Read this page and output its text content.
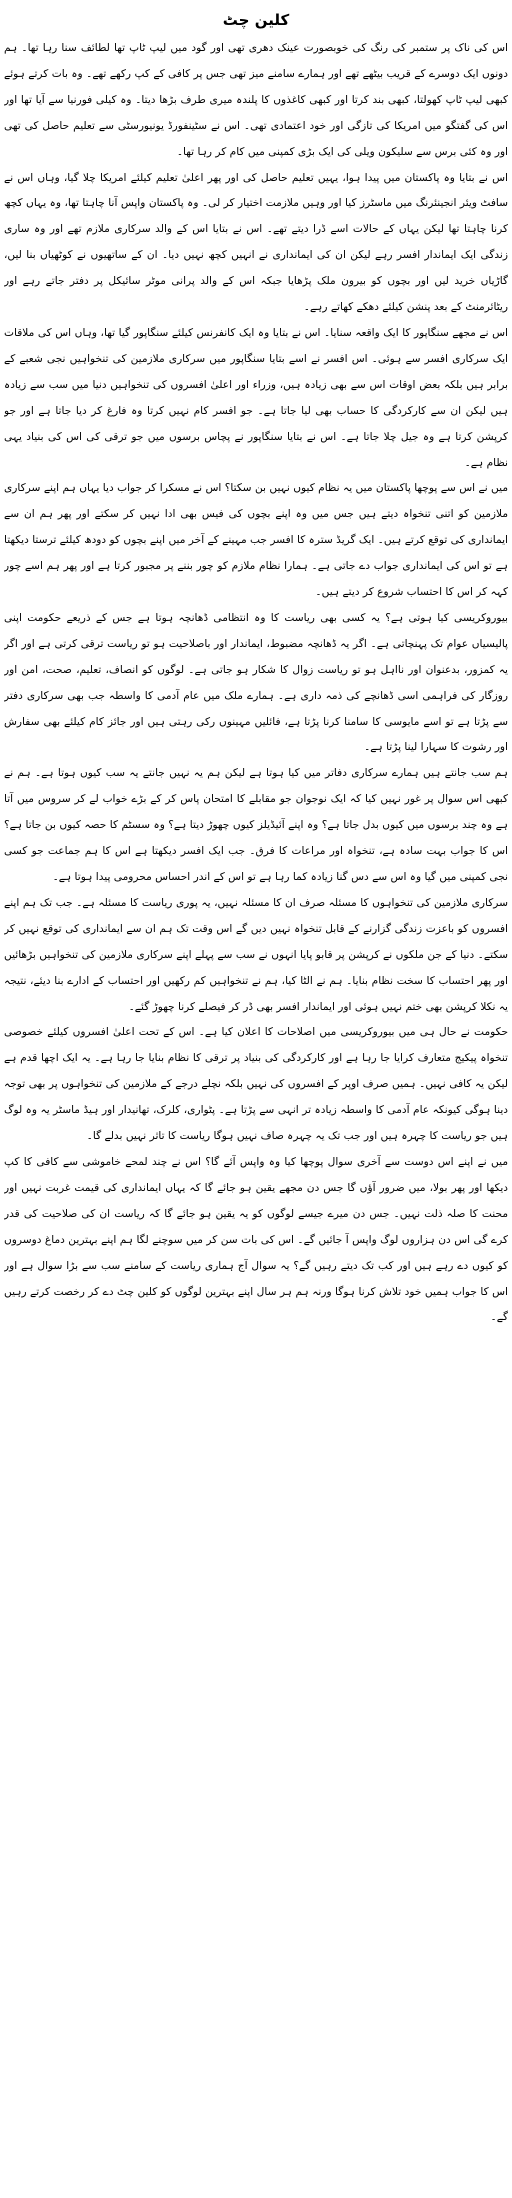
کلین چٹ
اس کی ناک پر ستمبر کی رنگ کی خوبصورت عینک دھری تھی اور گود میں لیپ ٹاپ تھا لطائف سنا رہا تھا۔ ہم دونوں ایک دوسرے کے قریب بیٹھے تھے اور ہمارے سامنے میز تھی جس پر کافی کے کپ رکھے تھے۔ وہ بات کرتے ہوئے کبھی لیپ ٹاپ کھولتا، کبھی بند کرتا اور کبھی کاغذوں کا پلندہ میری طرف بڑھا دیتا۔ وہ کیلی فورنیا سے آیا تھا اور اس کی گفتگو میں امریکا کی تازگی اور خود اعتمادی تھی۔ اس نے سٹینفورڈ یونیورسٹی سے تعلیم حاصل کی تھی اور وہ کئی برس سے سلیکون ویلی کی ایک بڑی کمپنی میں کام کر رہا تھا۔
اس نے بتایا وہ پاکستان میں پیدا ہوا، یہیں تعلیم حاصل کی اور پھر اعلیٰ تعلیم کیلئے امریکا چلا گیا، وہاں اس نے سافٹ ویئر انجینئرنگ میں ماسٹرز کیا اور وہیں ملازمت اختیار کر لی۔ وہ پاکستان واپس آنا چاہتا تھا، وہ یہاں کچھ کرنا چاہتا تھا لیکن یہاں کے حالات اسے ڈرا دیتے تھے۔ اس نے بتایا اس کے والد سرکاری ملازم تھے اور وہ ساری زندگی ایک ایماندار افسر رہے لیکن ان کی ایمانداری نے انہیں کچھ نہیں دیا۔ ان کے ساتھیوں نے کوٹھیاں بنا لیں، گاڑیاں خرید لیں اور بچوں کو بیرون ملک پڑھایا جبکہ اس کے والد پرانی موٹر سائیکل پر دفتر جاتے رہے اور ریٹائرمنٹ کے بعد پنشن کیلئے دھکے کھاتے رہے۔
اس نے مجھے سنگاپور کا ایک واقعہ سنایا۔ اس نے بتایا وہ ایک کانفرنس کیلئے سنگاپور گیا تھا، وہاں اس کی ملاقات ایک سرکاری افسر سے ہوئی۔ اس افسر نے اسے بتایا سنگاپور میں سرکاری ملازمین کی تنخواہیں نجی شعبے کے برابر ہیں بلکہ بعض اوقات اس سے بھی زیادہ ہیں، وزراء اور اعلیٰ افسروں کی تنخواہیں دنیا میں سب سے زیادہ ہیں لیکن ان سے کارکردگی کا حساب بھی لیا جاتا ہے۔ جو افسر کام نہیں کرتا وہ فارغ کر دیا جاتا ہے اور جو کرپشن کرتا ہے وہ جیل چلا جاتا ہے۔ اس نے بتایا سنگاپور نے پچاس برسوں میں جو ترقی کی اس کی بنیاد یہی نظام ہے۔
میں نے اس سے پوچھا پاکستان میں یہ نظام کیوں نہیں بن سکتا؟ اس نے مسکرا کر جواب دیا یہاں ہم اپنے سرکاری ملازمین کو اتنی تنخواہ دیتے ہیں جس میں وہ اپنے بچوں کی فیس بھی ادا نہیں کر سکتے اور پھر ہم ان سے ایمانداری کی توقع کرتے ہیں۔ ایک گریڈ سترہ کا افسر جب مہینے کے آخر میں اپنے بچوں کو دودھ کیلئے ترستا دیکھتا ہے تو اس کی ایمانداری جواب دے جاتی ہے۔ ہمارا نظام ملازم کو چور بننے پر مجبور کرتا ہے اور پھر ہم اسے چور کہہ کر اس کا احتساب شروع کر دیتے ہیں۔
بیوروکریسی کیا ہوتی ہے؟ یہ کسی بھی ریاست کا وہ انتظامی ڈھانچہ ہوتا ہے جس کے ذریعے حکومت اپنی پالیسیاں عوام تک پہنچاتی ہے۔ اگر یہ ڈھانچہ مضبوط، ایماندار اور باصلاحیت ہو تو ریاست ترقی کرتی ہے اور اگر یہ کمزور، بدعنوان اور نااہل ہو تو ریاست زوال کا شکار ہو جاتی ہے۔ لوگوں کو انصاف، تعلیم، صحت، امن اور روزگار کی فراہمی اسی ڈھانچے کی ذمہ داری ہے۔ ہمارے ملک میں عام آدمی کا واسطہ جب بھی سرکاری دفتر سے پڑتا ہے تو اسے مایوسی کا سامنا کرنا پڑتا ہے، فائلیں مہینوں رکی رہتی ہیں اور جائز کام کیلئے بھی سفارش اور رشوت کا سہارا لینا پڑتا ہے۔
ہم سب جانتے ہیں ہمارے سرکاری دفاتر میں کیا ہوتا ہے لیکن ہم یہ نہیں جانتے یہ سب کیوں ہوتا ہے۔ ہم نے کبھی اس سوال پر غور نہیں کیا کہ ایک نوجوان جو مقابلے کا امتحان پاس کر کے بڑے خواب لے کر سروس میں آتا ہے وہ چند برسوں میں کیوں بدل جاتا ہے؟ وہ اپنے آئیڈیلز کیوں چھوڑ دیتا ہے؟ وہ سسٹم کا حصہ کیوں بن جاتا ہے؟ اس کا جواب بہت سادہ ہے، تنخواہ اور مراعات کا فرق۔ جب ایک افسر دیکھتا ہے اس کا ہم جماعت جو کسی نجی کمپنی میں گیا وہ اس سے دس گنا زیادہ کما رہا ہے تو اس کے اندر احساس محرومی پیدا ہوتا ہے۔
سرکاری ملازمین کی تنخواہوں کا مسئلہ صرف ان کا مسئلہ نہیں، یہ پوری ریاست کا مسئلہ ہے۔ جب تک ہم اپنے افسروں کو باعزت زندگی گزارنے کے قابل تنخواہ نہیں دیں گے اس وقت تک ہم ان سے ایمانداری کی توقع نہیں کر سکتے۔ دنیا کے جن ملکوں نے کرپشن پر قابو پایا انہوں نے سب سے پہلے اپنے سرکاری ملازمین کی تنخواہیں بڑھائیں اور پھر احتساب کا سخت نظام بنایا۔ ہم نے الٹا کیا، ہم نے تنخواہیں کم رکھیں اور احتساب کے ادارے بنا دیئے، نتیجہ یہ نکلا کرپشن بھی ختم نہیں ہوئی اور ایماندار افسر بھی ڈر کر فیصلے کرنا چھوڑ گئے۔
حکومت نے حال ہی میں بیوروکریسی میں اصلاحات کا اعلان کیا ہے۔ اس کے تحت اعلیٰ افسروں کیلئے خصوصی تنخواہ پیکیج متعارف کرایا جا رہا ہے اور کارکردگی کی بنیاد پر ترقی کا نظام بنایا جا رہا ہے۔ یہ ایک اچھا قدم ہے لیکن یہ کافی نہیں۔ ہمیں صرف اوپر کے افسروں کی نہیں بلکہ نچلے درجے کے ملازمین کی تنخواہوں پر بھی توجہ دینا ہوگی کیونکہ عام آدمی کا واسطہ زیادہ تر انہی سے پڑتا ہے۔ پٹواری، کلرک، تھانیدار اور ہیڈ ماسٹر یہ وہ لوگ ہیں جو ریاست کا چہرہ ہیں اور جب تک یہ چہرہ صاف نہیں ہوگا ریاست کا تاثر نہیں بدلے گا۔
میں نے اپنے اس دوست سے آخری سوال پوچھا کیا وہ واپس آئے گا؟ اس نے چند لمحے خاموشی سے کافی کا کپ دیکھا اور پھر بولا، میں ضرور آؤں گا جس دن مجھے یقین ہو جائے گا کہ یہاں ایمانداری کی قیمت غربت نہیں اور محنت کا صلہ ذلت نہیں۔ جس دن میرے جیسے لوگوں کو یہ یقین ہو جائے گا کہ ریاست ان کی صلاحیت کی قدر کرے گی اس دن ہزاروں لوگ واپس آ جائیں گے۔ اس کی بات سن کر میں سوچنے لگا ہم اپنے بہترین دماغ دوسروں کو کیوں دے رہے ہیں اور کب تک دیتے رہیں گے؟ یہ سوال آج ہماری ریاست کے سامنے سب سے بڑا سوال ہے اور اس کا جواب ہمیں خود تلاش کرنا ہوگا ورنہ ہم ہر سال اپنے بہترین لوگوں کو کلین چٹ دے کر رخصت کرتے رہیں گے۔
